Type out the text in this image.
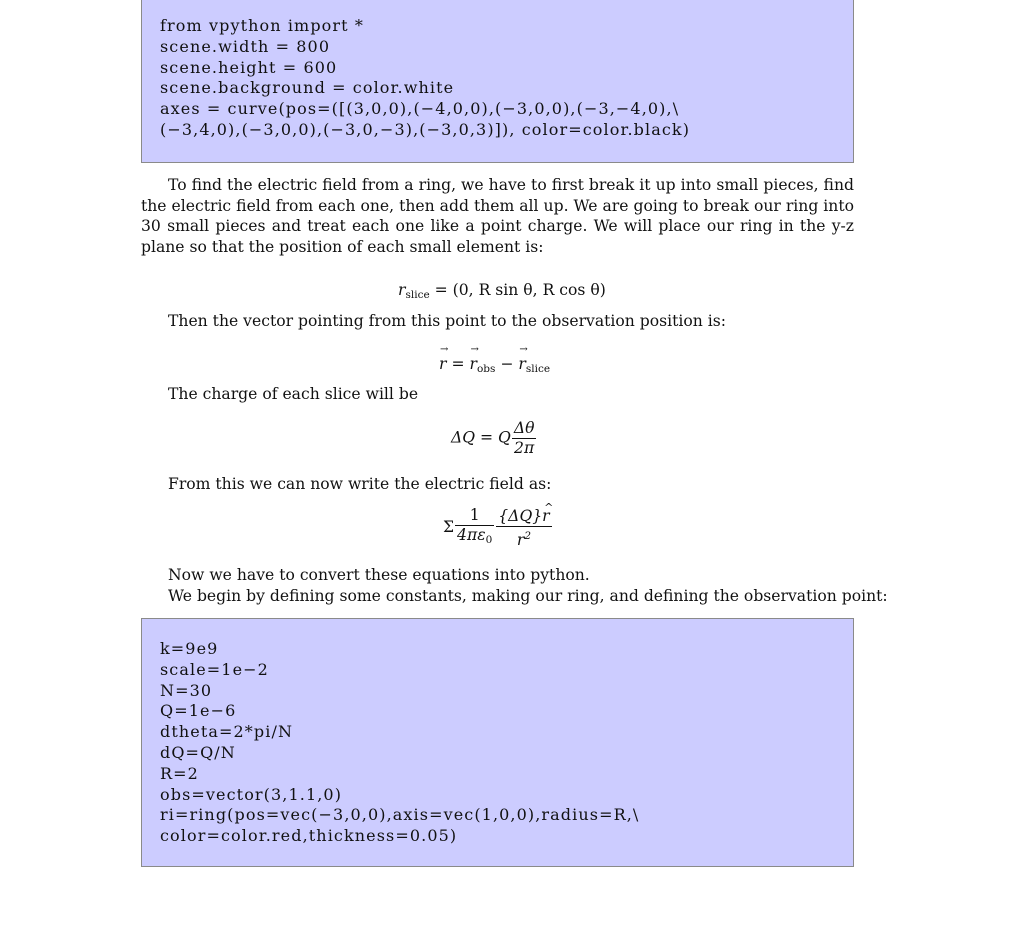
from vpython import *
scene.width = 800
scene.height = 600
scene.background = color.white
axes = curve(pos=([(3,0,0),(−4,0,0),(−3,0,0),(−3,−4,0),\
(−3,4,0),(−3,0,0),(−3,0,−3),(−3,0,3)]), color=color.black)
To find the electric field from a ring, we have to first break it up into small pieces, find the electric field from each one, then add them all up. We are going to break our ring into 30 small pieces and treat each one like a point charge. We will place our ring in the y-z plane so that the position of each small element is:
$r_{slice} = (0$, R sin θ, R cos θ)
Then the vector pointing from this point to the observation position is:
→ r = → $r_{obs}$ − → $r_{slice}$
The charge of each slice will be
ΔQ = Q $\frac{\Delta\theta}{2\pi}$
From this we can now write the electric field as:
Σ $\frac{1}{4\pi\varepsilon_0} \frac{\{\Delta Q\}\^{} r}{r^2}$
Now we have to convert these equations into python.
We begin by defining some constants, making our ring, and defining the observation point:
k=9e9
scale=1e−2
N=30
Q=1e−6
dtheta=2*pi/N
dQ=Q/N
R=2
obs=vector(3,1.1,0)
ri=ring(pos=vec(−3,0,0),axis=vec(1,0,0),radius=R,\
color=color.red,thickness=0.05)
